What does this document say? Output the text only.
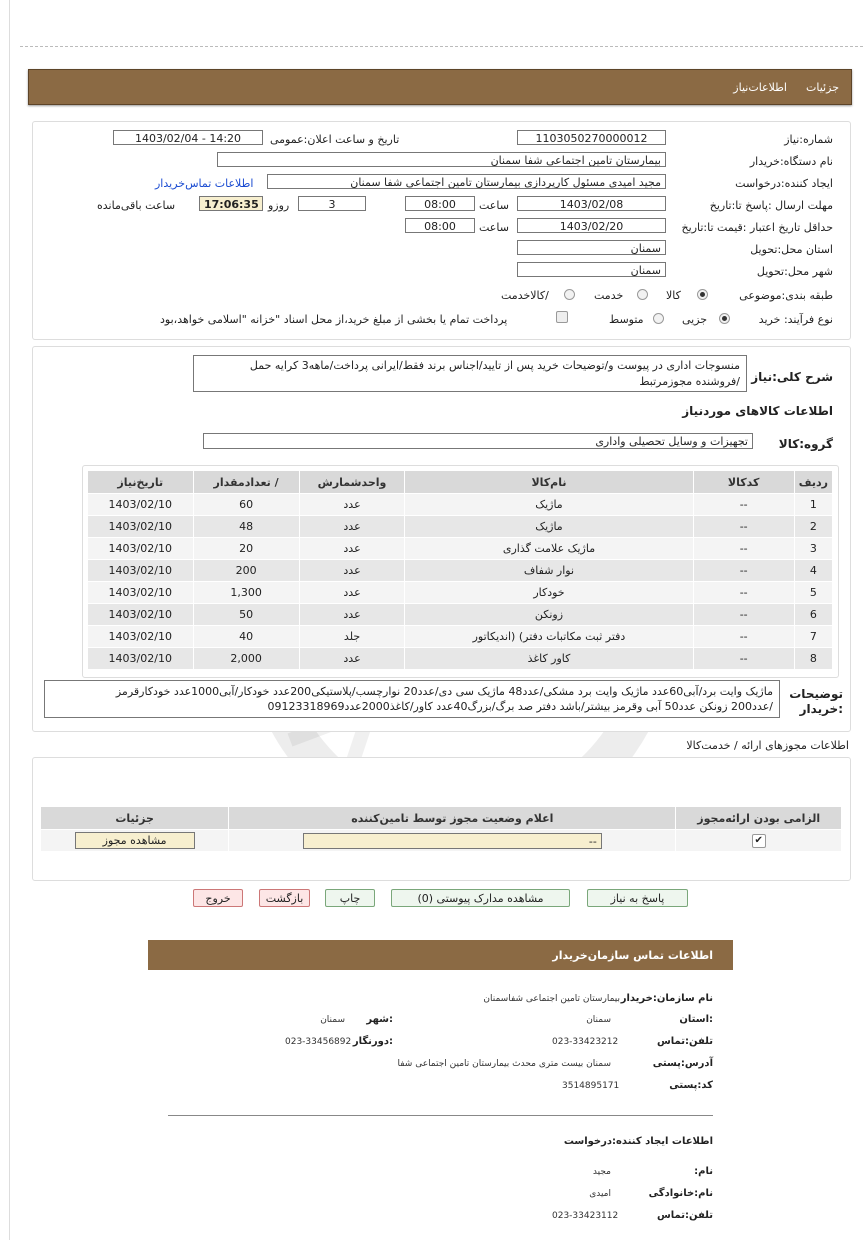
جزئیات
اطلاعات‌نیاز
شماره:نیاز
1103050270000012
تاریخ و ساعت اعلان:عمومی
1403/02/04 - 14:20
نام دستگاه:خریدار
بیمارستان تامین اجتماعی شفا سمنان
ایجاد کننده:درخواست
مجید امیدی مسئول کارپردازی بیمارستان تامین اجتماعی شفا سمنان
اطلاعات تماس‌خریدار
مهلت ارسال :پاسخ تا:تاریخ
1403/02/08
ساعت
08:00
3
روزو
17:06:35
ساعت باقی‌مانده
حداقل تاریخ اعتبار :قیمت تا:تاریخ
1403/02/20
ساعت
08:00
استان محل:تحویل
سمنان
شهر محل:تحویل
سمنان
طبقه بندی:موضوعی
کالا
خدمت
/کالاخدمت
نوع فرآیند: خرید
جزیی
متوسط
پرداخت تمام یا بخشی از مبلغ خرید،از محل اسناد "خزانه "اسلامی خواهد،بود
شرح کلی:نیاز
منسوجات اداری در پیوست و/توضیحات خرید پس از تایید/اجناس برند فقط/ایرانی پرداخت/ماهه3 کرایه حمل
/فروشنده مجوزمرتبط
اطلاعات کالاهای موردنیاز
گروه:کالا
تجهیزات و وسایل تحصیلی واداری
ردیف	کدکالا	نام‌کالا	واحدشمارش	/ تعدادمقدار	تاریخ‌نیاز
1	--	ماژیک	عدد	60	1403/02/10
2	--	ماژیک	عدد	48	1403/02/10
3	--	ماژیک علامت گذاری	عدد	20	1403/02/10
4	--	نوار شفاف	عدد	200	1403/02/10
5	--	خودکار	عدد	1,300	1403/02/10
6	--	زونکن	عدد	50	1403/02/10
7	--	دفتر ثبت مکاتبات دفتر) (اندیکاتور	جلد	40	1403/02/10
8	--	کاور کاغذ	عدد	2,000	1403/02/10
توضیحات
:خریدار
ماژیک وایت برد/آبی60عدد ماژیک وایت برد مشکی/عدد48 ماژیک سی دی/عدد20 نوارچسب/پلاستیکی200عدد خودکار/آبی1000عدد خودکارقرمز
/عدد200 زونکن عدد50 آبی وقرمز بیشتر/باشد دفتر صد برگ/بزرگ40عدد کاور/کاغذ2000عدد09123318969
اطلاعات مجوزهای ارائه / خدمت‌کالا
الزامی بودن ارائه‌مجوز	اعلام وضعیت مجوز توسط تامین‌کننده	جزئیات
✔	--	مشاهده مجوز
پاسخ به نیاز
مشاهده مدارک پیوستی (0)
چاپ
بازگشت
خروج
اطلاعات تماس سازمان‌خریدار
نام سازمان:خریدار
بیمارستان تامین اجتماعی شفاسمنان
:استان
سمنان
:شهر
سمنان
تلفن:تماس
023-33423212
:دورنگار
023-33456892
آدرس:پستی
سمنان بیست متری محدث بیمارستان تامین اجتماعی شفا
کد:پستی
3514895171
اطلاعات ایجاد کننده:درخواست
نام:
مجید
نام:خانوادگی
امیدی
تلفن:تماس
023-33423112
